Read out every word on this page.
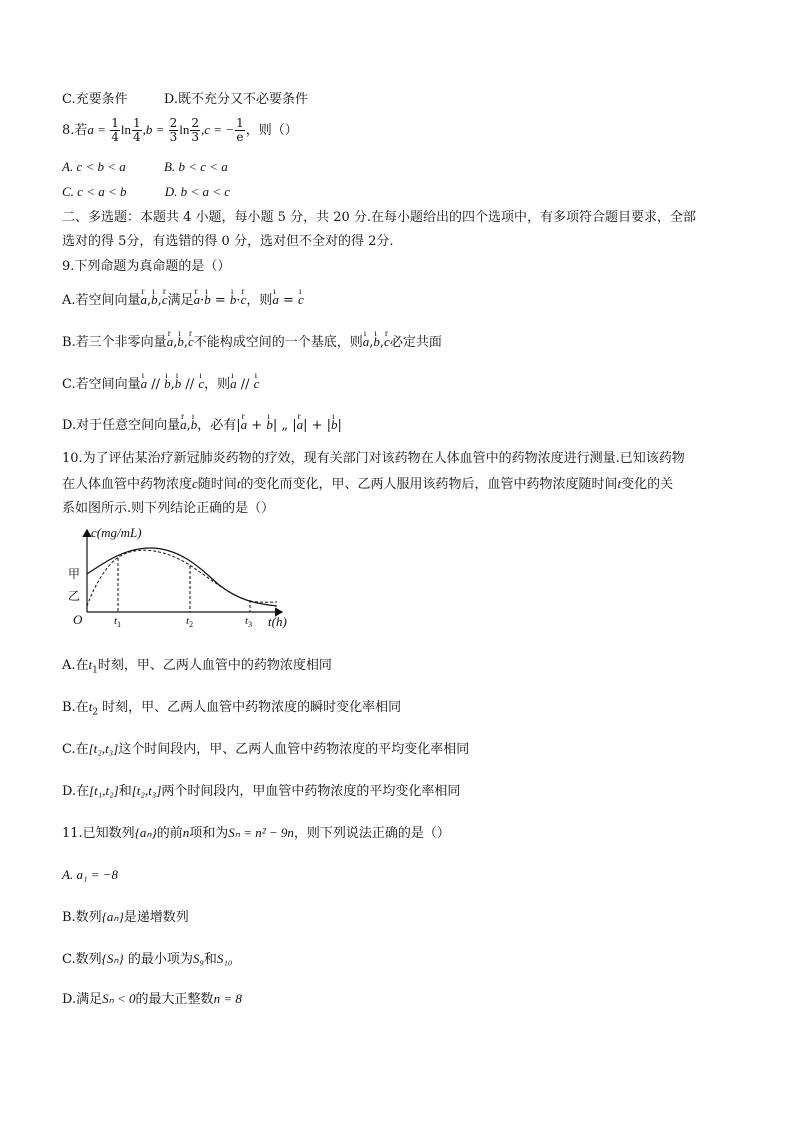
C.充要条件	D.既不充分又不必要条件
8.若$a = \frac{1}{4}$ $\ln \frac{1}{4} ,b = \frac{2}{3}$ $\ln \frac{2}{3} ,c$ = − $\frac{1}{e}$ ，则（）
A. c < b < a	B. b < c < a
C. c < a < b	D. b < a < c
二、多选题：本题共 4 小题，每小题 5 分，共 20 分.在每小题给出的四个选项中，有多项符合题目要求，全部
选对的得 5分，有选错的得 0 分，选对但不全对的得 2分.
9.下列命题为真命题的是（）
A.若空间向量r a,ı b,r c满足r a·ı b = ı b·r c，则ı a = ı c
B.若三个非零向量r a,ı b,r c不能构成空间的一个基底，则ı a,ı b,r c必定共面
C.若空间向量ı a // ı b,ı b // ı c，则ı a // ı c
D.对于任意空间向量r a,ı b，必有|r a + ı b| „ |r a| + |ı b|
10.为了评估某治疗新冠肺炎药物的疗效，现有关部门对该药物在人体血管中的药物浓度进行测量.已知该药物
在人体血管中药物浓度c随时间t的变化而变化，甲、乙两人服用该药物后，血管中药物浓度随时间t变化的关
系如图所示.则下列结论正确的是（）
c(mg/mL)
甲
乙
O	$t_1$	$t_2$	$t_3$ t(h)
A.在$t_1$时刻，甲、乙两人血管中的药物浓度相同
B.在$t_2$ 时刻，甲、乙两人血管中药物浓度的瞬时变化率相同
C.在[t₂,t₃]这个时间段内，甲、乙两人血管中药物浓度的平均变化率相同
D.在[t₁,t₂]和[t₂,t₃]两个时间段内，甲血管中药物浓度的平均变化率相同
11.已知数列{aₙ}的前n项和为Sₙ = n² − 9n，则下列说法正确的是（）
A. a₁ = −8
B.数列{aₙ}是递增数列
C.数列{Sₙ} 的最小项为S₉和S₁₀
D.满足Sₙ < 0的最大正整数n = 8
